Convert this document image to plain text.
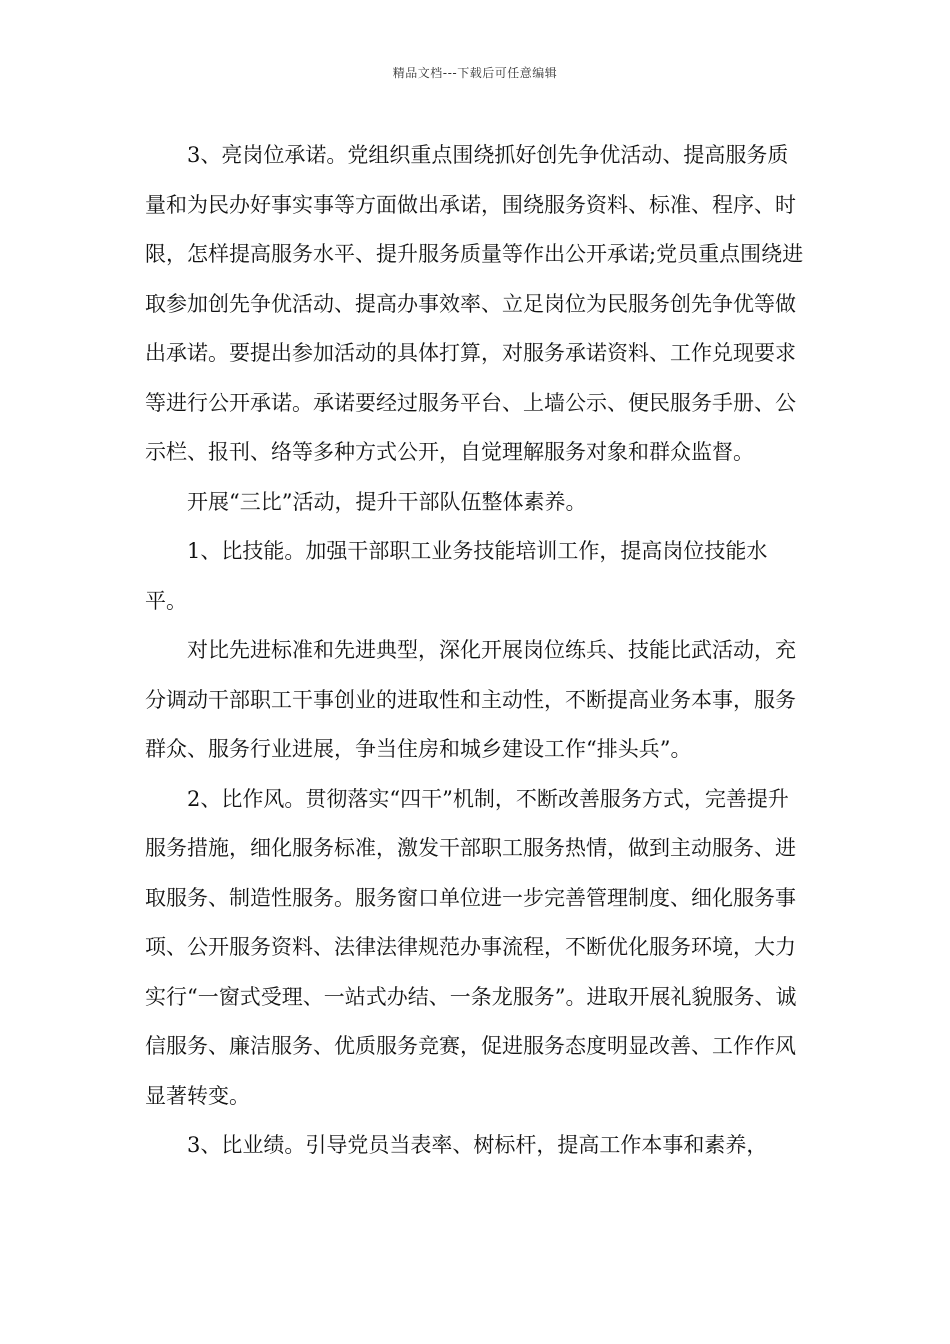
精品文档---下载后可任意编辑

3、亮岗位承诺。党组织重点围绕抓好创先争优活动、提高服务质量和为民办好事实事等方面做出承诺，围绕服务资料、标准、程序、时限，怎样提高服务水平、提升服务质量等作出公开承诺;党员重点围绕进取参加创先争优活动、提高办事效率、立足岗位为民服务创先争优等做出承诺。要提出参加活动的具体打算，对服务承诺资料、工作兑现要求等进行公开承诺。承诺要经过服务平台、上墙公示、便民服务手册、公示栏、报刊、络等多种方式公开，自觉理解服务对象和群众监督。

开展“三比”活动，提升干部队伍整体素养。

1、比技能。加强干部职工业务技能培训工作，提高岗位技能水平。

对比先进标准和先进典型，深化开展岗位练兵、技能比武活动，充分调动干部职工干事创业的进取性和主动性，不断提高业务本事，服务群众、服务行业进展，争当住房和城乡建设工作“排头兵”。

2、比作风。贯彻落实“四干”机制，不断改善服务方式，完善提升服务措施，细化服务标准，激发干部职工服务热情，做到主动服务、进取服务、制造性服务。服务窗口单位进一步完善管理制度、细化服务事项、公开服务资料、法律法律规范办事流程，不断优化服务环境，大力实行“一窗式受理、一站式办结、一条龙服务”。进取开展礼貌服务、诚信服务、廉洁服务、优质服务竞赛，促进服务态度明显改善、工作作风显著转变。

3、比业绩。引导党员当表率、树标杆，提高工作本事和素养，
